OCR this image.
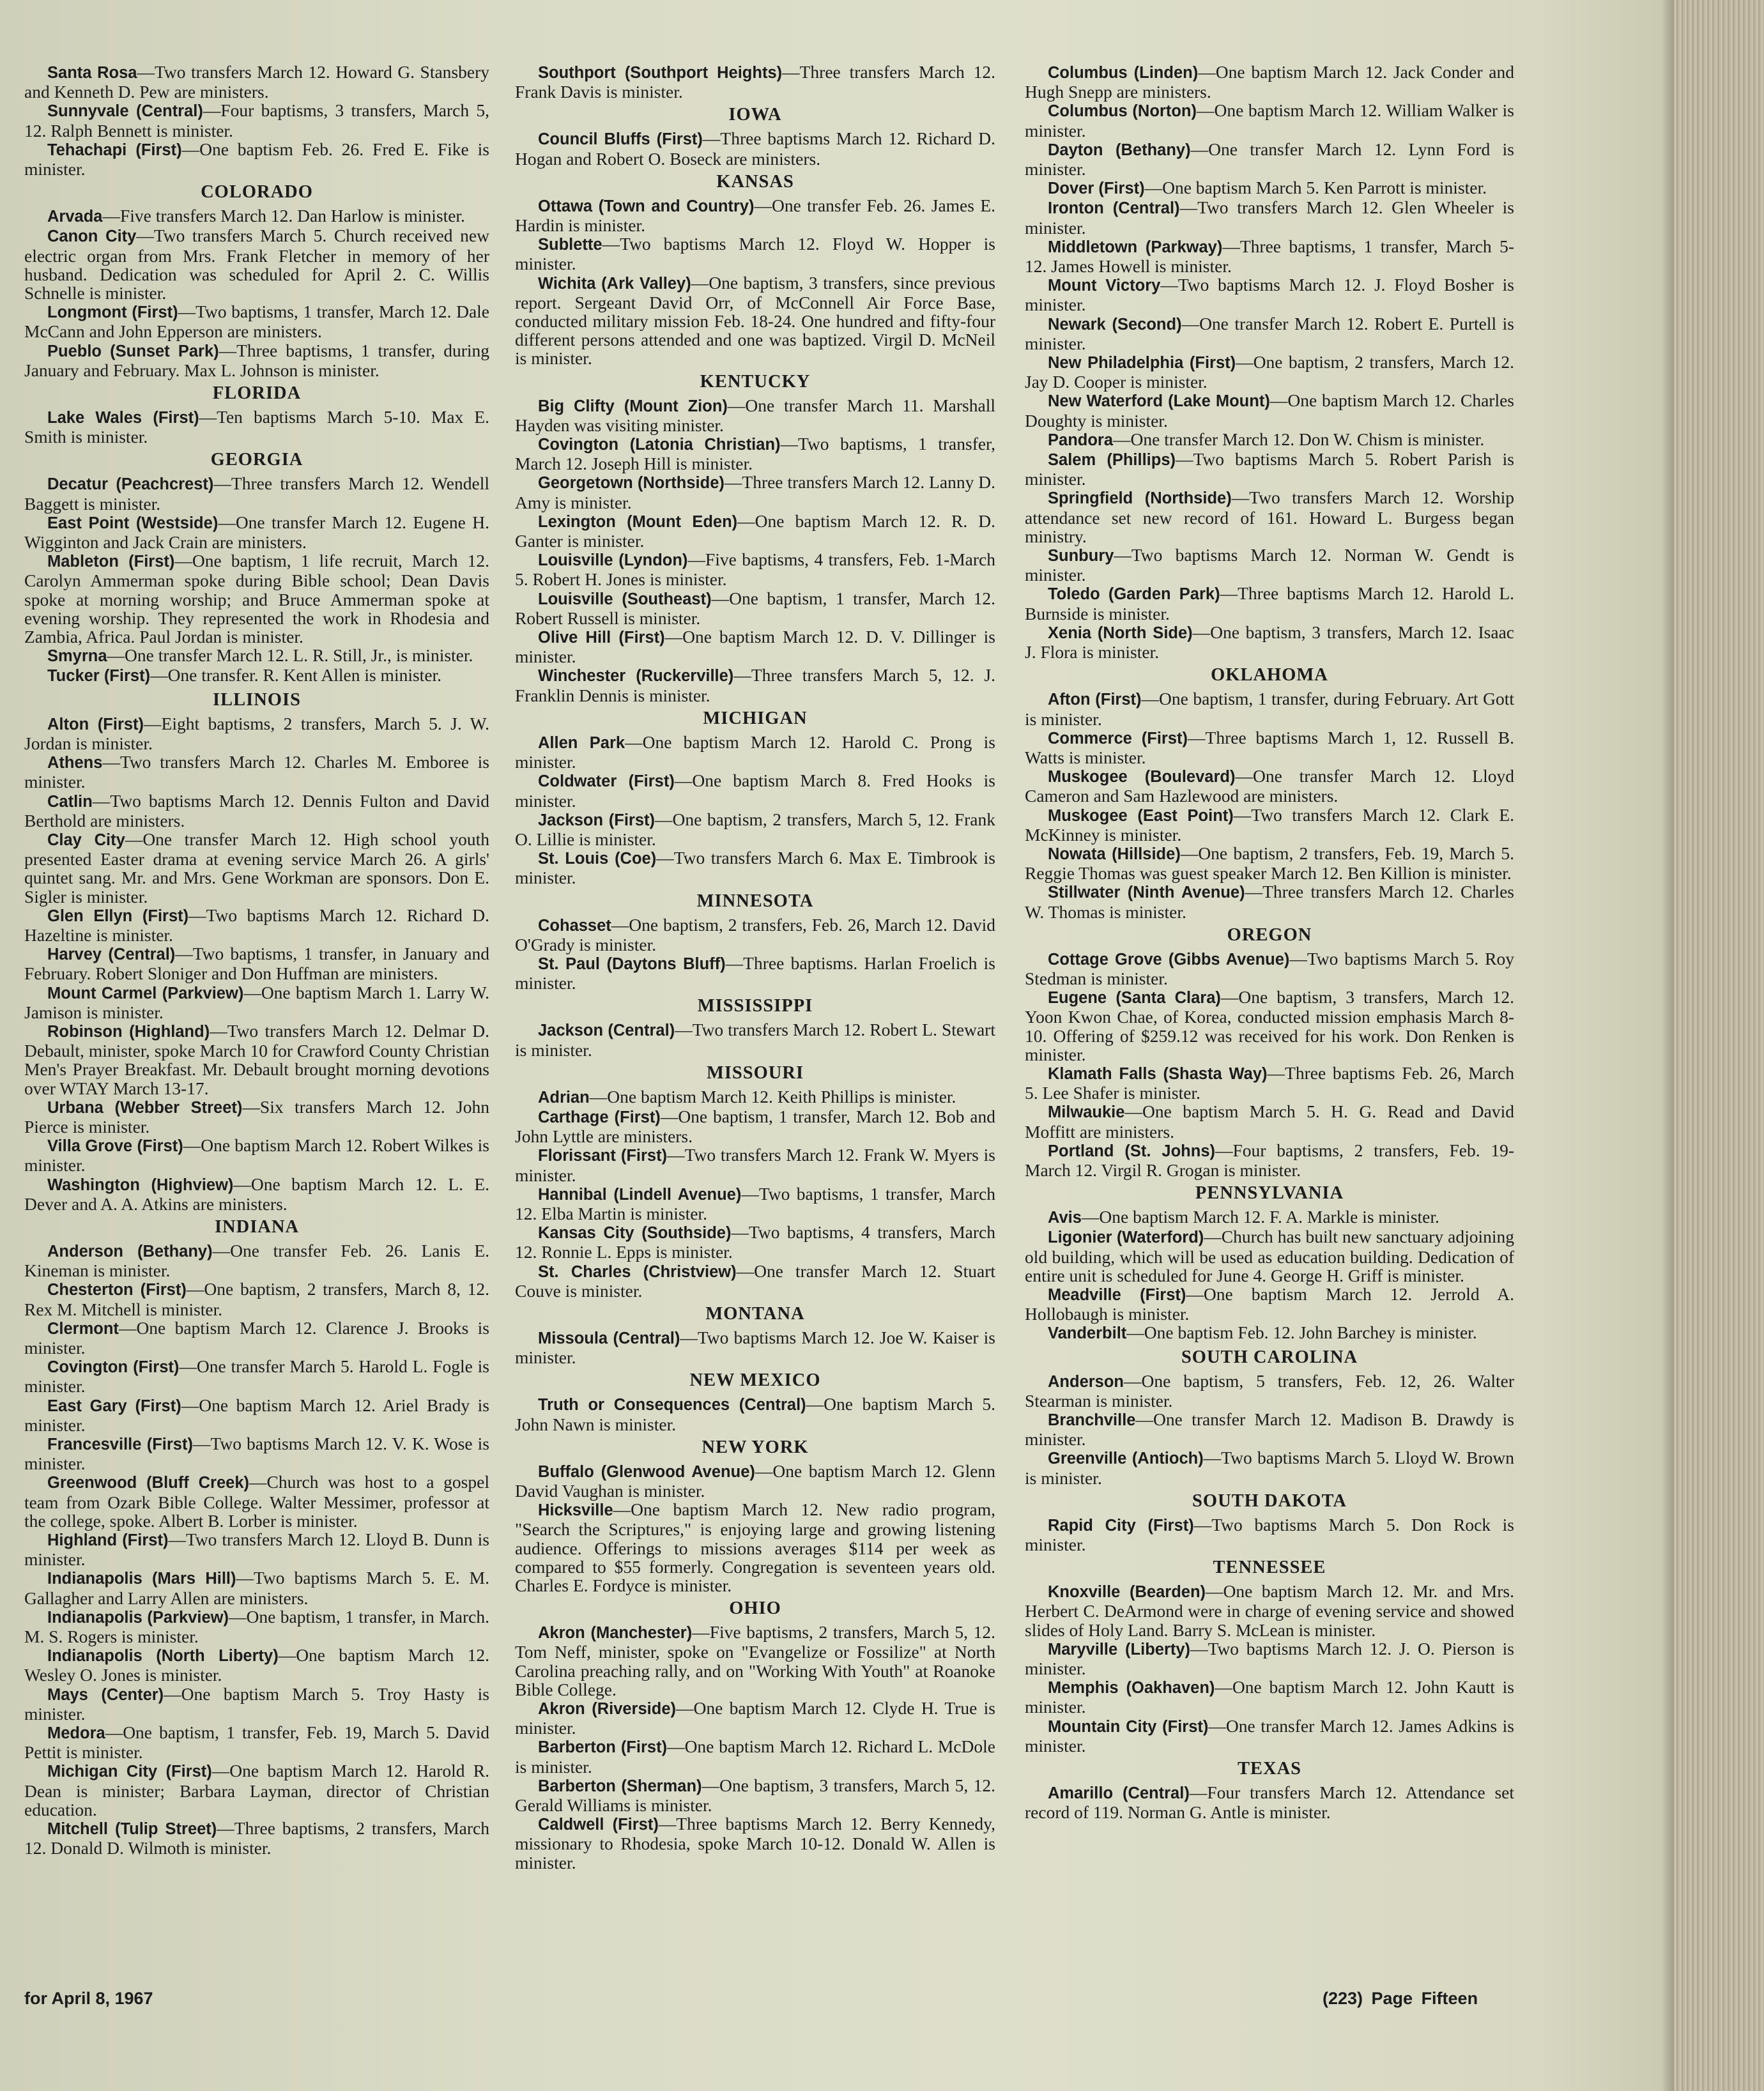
Santa Rosa—Two transfers March 12. Howard G. Stansbery and Kenneth D. Pew are ministers.

Sunnyvale (Central)—Four baptisms, 3 transfers, March 5, 12. Ralph Bennett is minister.

Tehachapi (First)—One baptism Feb. 26. Fred E. Fike is minister.

COLORADO

Arvada—Five transfers March 12. Dan Harlow is minister.

Canon City—Two transfers March 5. Church received new electric organ from Mrs. Frank Fletcher in memory of her husband. Dedication was scheduled for April 2. C. Willis Schnelle is minister.

Longmont (First)—Two baptisms, 1 transfer, March 12. Dale McCann and John Epperson are ministers.

Pueblo (Sunset Park)—Three baptisms, 1 transfer, during January and February. Max L. Johnson is minister.

FLORIDA

Lake Wales (First)—Ten baptisms March 5-10. Max E. Smith is minister.

GEORGIA

Decatur (Peachcrest)—Three transfers March 12. Wendell Baggett is minister.

East Point (Westside)—One transfer March 12. Eugene H. Wigginton and Jack Crain are ministers.

Mableton (First)—One baptism, 1 life recruit, March 12. Carolyn Ammerman spoke during Bible school; Dean Davis spoke at morning worship; and Bruce Ammerman spoke at evening worship. They represented the work in Rhodesia and Zambia, Africa. Paul Jordan is minister.

Smyrna—One transfer March 12. L. R. Still, Jr., is minister.

Tucker (First)—One transfer. R. Kent Allen is minister.

ILLINOIS

Alton (First)—Eight baptisms, 2 transfers, March 5. J. W. Jordan is minister.

Athens—Two transfers March 12. Charles M. Emboree is minister.

Catlin—Two baptisms March 12. Dennis Fulton and David Berthold are ministers.

Clay City—One transfer March 12. High school youth presented Easter drama at evening service March 26. A girls' quintet sang. Mr. and Mrs. Gene Workman are sponsors. Don E. Sigler is minister.

Glen Ellyn (First)—Two baptisms March 12. Richard D. Hazeltine is minister.

Harvey (Central)—Two baptisms, 1 transfer, in January and February. Robert Sloniger and Don Huffman are ministers.

Mount Carmel (Parkview)—One baptism March 1. Larry W. Jamison is minister.

Robinson (Highland)—Two transfers March 12. Delmar D. Debault, minister, spoke March 10 for Crawford County Christian Men's Prayer Breakfast. Mr. Debault brought morning devotions over WTAY March 13-17.

Urbana (Webber Street)—Six transfers March 12. John Pierce is minister.

Villa Grove (First)—One baptism March 12. Robert Wilkes is minister.

Washington (Highview)—One baptism March 12. L. E. Dever and A. A. Atkins are ministers.

INDIANA

Anderson (Bethany)—One transfer Feb. 26. Lanis E. Kineman is minister.

Chesterton (First)—One baptism, 2 transfers, March 8, 12. Rex M. Mitchell is minister.

Clermont—One baptism March 12. Clarence J. Brooks is minister.

Covington (First)—One transfer March 5. Harold L. Fogle is minister.

East Gary (First)—One baptism March 12. Ariel Brady is minister.

Francesville (First)—Two baptisms March 12. V. K. Wose is minister.

Greenwood (Bluff Creek)—Church was host to a gospel team from Ozark Bible College. Walter Messimer, professor at the college, spoke. Albert B. Lorber is minister.

Highland (First)—Two transfers March 12. Lloyd B. Dunn is minister.

Indianapolis (Mars Hill)—Two baptisms March 5. E. M. Gallagher and Larry Allen are ministers.

Indianapolis (Parkview)—One baptism, 1 transfer, in March. M. S. Rogers is minister.

Indianapolis (North Liberty)—One baptism March 12. Wesley O. Jones is minister.

Mays (Center)—One baptism March 5. Troy Hasty is minister.

Medora—One baptism, 1 transfer, Feb. 19, March 5. David Pettit is minister.

Michigan City (First)—One baptism March 12. Harold R. Dean is minister; Barbara Layman, director of Christian education.

Mitchell (Tulip Street)—Three baptisms, 2 transfers, March 12. Donald D. Wilmoth is minister.

Southport (Southport Heights)—Three transfers March 12. Frank Davis is minister.

IOWA

Council Bluffs (First)—Three baptisms March 12. Richard D. Hogan and Robert O. Boseck are ministers.

KANSAS

Ottawa (Town and Country)—One transfer Feb. 26. James E. Hardin is minister.

Sublette—Two baptisms March 12. Floyd W. Hopper is minister.

Wichita (Ark Valley)—One baptism, 3 transfers, since previous report. Sergeant David Orr, of McConnell Air Force Base, conducted military mission Feb. 18-24. One hundred and fifty-four different persons attended and one was baptized. Virgil D. McNeil is minister.

KENTUCKY

Big Clifty (Mount Zion)—One transfer March 11. Marshall Hayden was visiting minister.

Covington (Latonia Christian)—Two baptisms, 1 transfer, March 12. Joseph Hill is minister.

Georgetown (Northside)—Three transfers March 12. Lanny D. Amy is minister.

Lexington (Mount Eden)—One baptism March 12. R. D. Ganter is minister.

Louisville (Lyndon)—Five baptisms, 4 transfers, Feb. 1-March 5. Robert H. Jones is minister.

Louisville (Southeast)—One baptism, 1 transfer, March 12. Robert Russell is minister.

Olive Hill (First)—One baptism March 12. D. V. Dillinger is minister.

Winchester (Ruckerville)—Three transfers March 5, 12. J. Franklin Dennis is minister.

MICHIGAN

Allen Park—One baptism March 12. Harold C. Prong is minister.

Coldwater (First)—One baptism March 8. Fred Hooks is minister.

Jackson (First)—One baptism, 2 transfers, March 5, 12. Frank O. Lillie is minister.

St. Louis (Coe)—Two transfers March 6. Max E. Timbrook is minister.

MINNESOTA

Cohasset—One baptism, 2 transfers, Feb. 26, March 12. David O'Grady is minister.

St. Paul (Daytons Bluff)—Three baptisms. Harlan Froelich is minister.

MISSISSIPPI

Jackson (Central)—Two transfers March 12. Robert L. Stewart is minister.

MISSOURI

Adrian—One baptism March 12. Keith Phillips is minister.

Carthage (First)—One baptism, 1 transfer, March 12. Bob and John Lyttle are ministers.

Florissant (First)—Two transfers March 12. Frank W. Myers is minister.

Hannibal (Lindell Avenue)—Two baptisms, 1 transfer, March 12. Elba Martin is minister.

Kansas City (Southside)—Two baptisms, 4 transfers, March 12. Ronnie L. Epps is minister.

St. Charles (Christview)—One transfer March 12. Stuart Couve is minister.

MONTANA

Missoula (Central)—Two baptisms March 12. Joe W. Kaiser is minister.

NEW MEXICO

Truth or Consequences (Central)—One baptism March 5. John Nawn is minister.

NEW YORK

Buffalo (Glenwood Avenue)—One baptism March 12. Glenn David Vaughan is minister.

Hicksville—One baptism March 12. New radio program, "Search the Scriptures," is enjoying large and growing listening audience. Offerings to missions averages $114 per week as compared to $55 formerly. Congregation is seventeen years old. Charles E. Fordyce is minister.

OHIO

Akron (Manchester)—Five baptisms, 2 transfers, March 5, 12. Tom Neff, minister, spoke on "Evangelize or Fossilize" at North Carolina preaching rally, and on "Working With Youth" at Roanoke Bible College.

Akron (Riverside)—One baptism March 12. Clyde H. True is minister.

Barberton (First)—One baptism March 12. Richard L. McDole is minister.

Barberton (Sherman)—One baptism, 3 transfers, March 5, 12. Gerald Williams is minister.

Caldwell (First)—Three baptisms March 12. Berry Kennedy, missionary to Rhodesia, spoke March 10-12. Donald W. Allen is minister.

Columbus (Linden)—One baptism March 12. Jack Conder and Hugh Snepp are ministers.

Columbus (Norton)—One baptism March 12. William Walker is minister.

Dayton (Bethany)—One transfer March 12. Lynn Ford is minister.

Dover (First)—One baptism March 5. Ken Parrott is minister.

Ironton (Central)—Two transfers March 12. Glen Wheeler is minister.

Middletown (Parkway)—Three baptisms, 1 transfer, March 5-12. James Howell is minister.

Mount Victory—Two baptisms March 12. J. Floyd Bosher is minister.

Newark (Second)—One transfer March 12. Robert E. Purtell is minister.

New Philadelphia (First)—One baptism, 2 transfers, March 12. Jay D. Cooper is minister.

New Waterford (Lake Mount)—One baptism March 12. Charles Doughty is minister.

Pandora—One transfer March 12. Don W. Chism is minister.

Salem (Phillips)—Two baptisms March 5. Robert Parish is minister.

Springfield (Northside)—Two transfers March 12. Worship attendance set new record of 161. Howard L. Burgess began ministry.

Sunbury—Two baptisms March 12. Norman W. Gendt is minister.

Toledo (Garden Park)—Three baptisms March 12. Harold L. Burnside is minister.

Xenia (North Side)—One baptism, 3 transfers, March 12. Isaac J. Flora is minister.

OKLAHOMA

Afton (First)—One baptism, 1 transfer, during February. Art Gott is minister.

Commerce (First)—Three baptisms March 1, 12. Russell B. Watts is minister.

Muskogee (Boulevard)—One transfer March 12. Lloyd Cameron and Sam Hazlewood are ministers.

Muskogee (East Point)—Two transfers March 12. Clark E. McKinney is minister.

Nowata (Hillside)—One baptism, 2 transfers, Feb. 19, March 5. Reggie Thomas was guest speaker March 12. Ben Killion is minister.

Stillwater (Ninth Avenue)—Three transfers March 12. Charles W. Thomas is minister.

OREGON

Cottage Grove (Gibbs Avenue)—Two baptisms March 5. Roy Stedman is minister.

Eugene (Santa Clara)—One baptism, 3 transfers, March 12. Yoon Kwon Chae, of Korea, conducted mission emphasis March 8-10. Offering of $259.12 was received for his work. Don Renken is minister.

Klamath Falls (Shasta Way)—Three baptisms Feb. 26, March 5. Lee Shafer is minister.

Milwaukie—One baptism March 5. H. G. Read and David Moffitt are ministers.

Portland (St. Johns)—Four baptisms, 2 transfers, Feb. 19-March 12. Virgil R. Grogan is minister.

PENNSYLVANIA

Avis—One baptism March 12. F. A. Markle is minister.

Ligonier (Waterford)—Church has built new sanctuary adjoining old building, which will be used as education building. Dedication of entire unit is scheduled for June 4. George H. Griff is minister.

Meadville (First)—One baptism March 12. Jerrold A. Hollobaugh is minister.

Vanderbilt—One baptism Feb. 12. John Barchey is minister.

SOUTH CAROLINA

Anderson—One baptism, 5 transfers, Feb. 12, 26. Walter Stearman is minister.

Branchville—One transfer March 12. Madison B. Drawdy is minister.

Greenville (Antioch)—Two baptisms March 5. Lloyd W. Brown is minister.

SOUTH DAKOTA

Rapid City (First)—Two baptisms March 5. Don Rock is minister.

TENNESSEE

Knoxville (Bearden)—One baptism March 12. Mr. and Mrs. Herbert C. DeArmond were in charge of evening service and showed slides of Holy Land. Barry S. McLean is minister.

Maryville (Liberty)—Two baptisms March 12. J. O. Pierson is minister.

Memphis (Oakhaven)—One baptism March 12. John Kautt is minister.

Mountain City (First)—One transfer March 12. James Adkins is minister.

TEXAS

Amarillo (Central)—Four transfers March 12. Attendance set record of 119. Norman G. Antle is minister.

for April 8, 1967	(223) Page Fifteen
